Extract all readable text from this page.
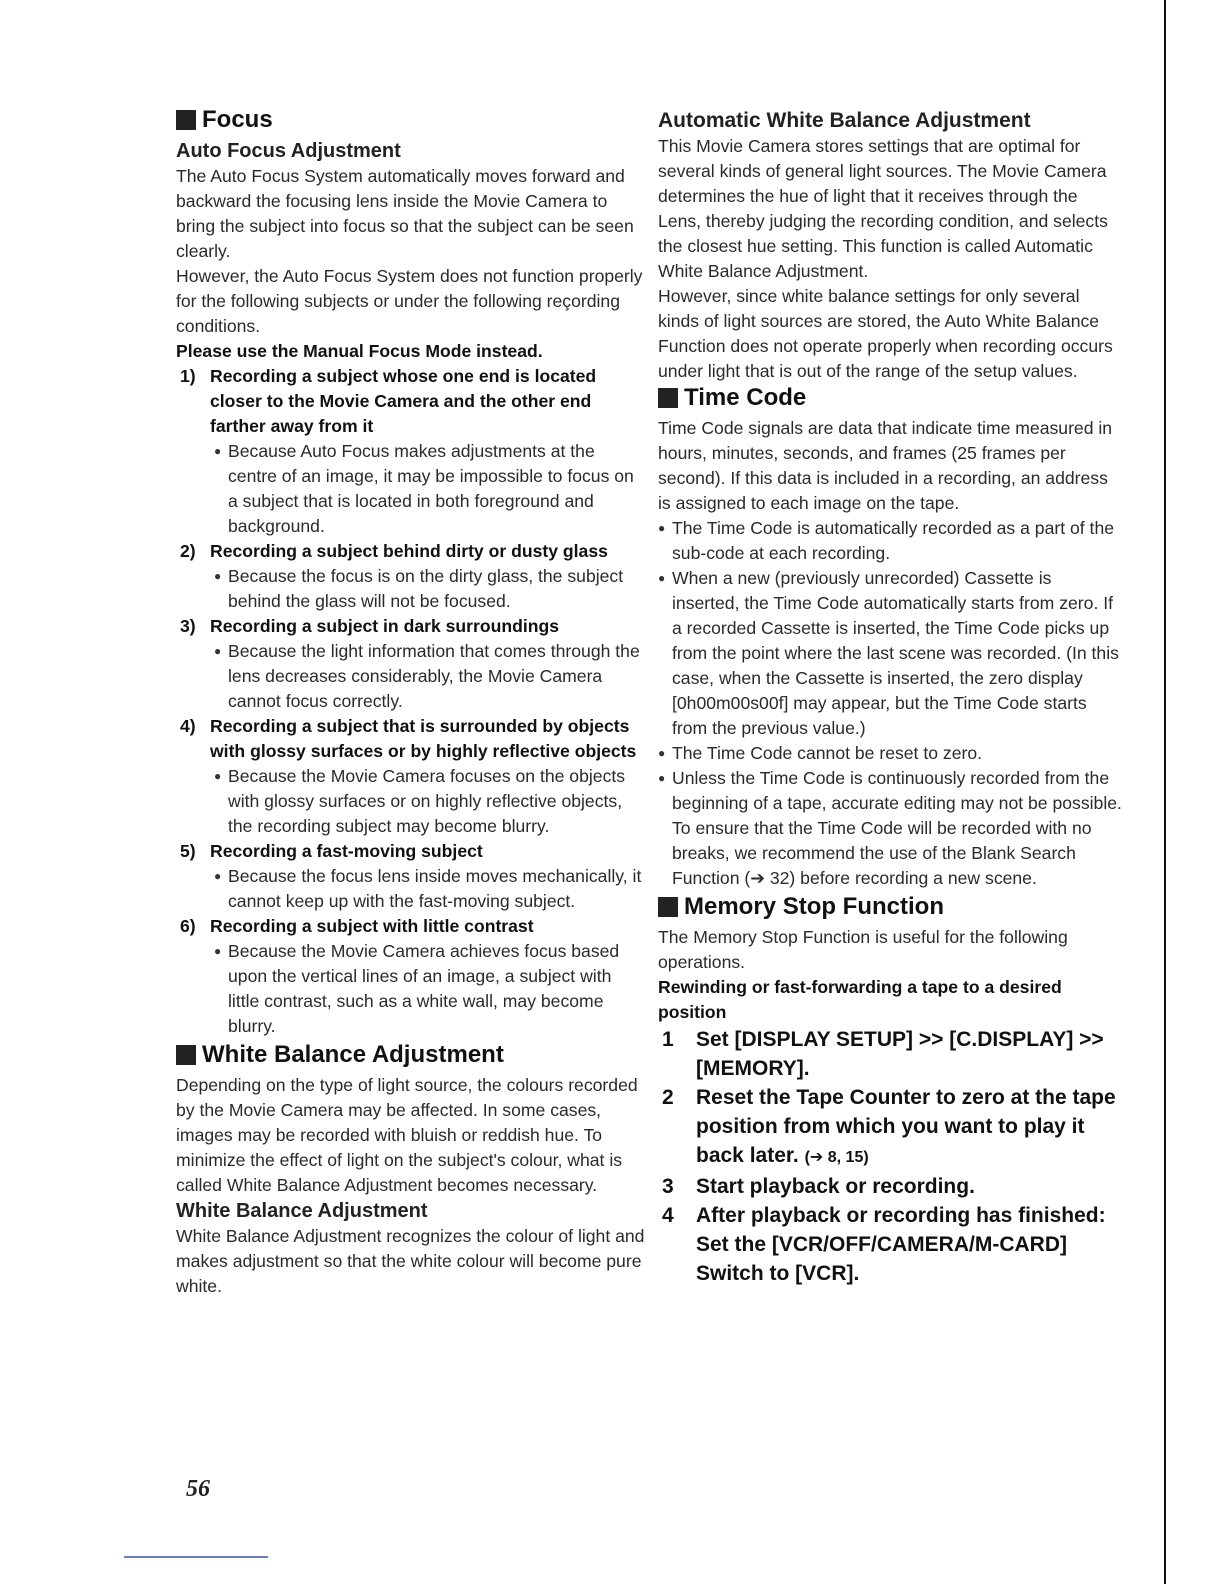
Focus
Auto Focus Adjustment

The Auto Focus System automatically moves forward and backward the focusing lens inside the Movie Camera to bring the subject into focus so that the subject can be seen clearly.

However, the Auto Focus System does not function properly for the following subjects or under the following reçording conditions.

Please use the Manual Focus Mode instead.

1) Recording a subject whose one end is located closer to the Movie Camera and the other end farther away from it
● Because Auto Focus makes adjustments at the centre of an image, it may be impossible to focus on a subject that is located in both foreground and background.
2) Recording a subject behind dirty or dusty glass
● Because the focus is on the dirty glass, the subject behind the glass will not be focused.
3) Recording a subject in dark surroundings
● Because the light information that comes through the lens decreases considerably, the Movie Camera cannot focus correctly.
4) Recording a subject that is surrounded by objects with glossy surfaces or by highly reflective objects
● Because the Movie Camera focuses on the objects with glossy surfaces or on highly reflective objects, the recording subject may become blurry.
5) Recording a fast-moving subject
● Because the focus lens inside moves mechanically, it cannot keep up with the fast-moving subject.
6) Recording a subject with little contrast
● Because the Movie Camera achieves focus based upon the vertical lines of an image, a subject with little contrast, such as a white wall, may become blurry.
White Balance Adjustment

Depending on the type of light source, the colours recorded by the Movie Camera may be affected. In some cases, images may be recorded with bluish or reddish hue. To minimize the effect of light on the subject's colour, what is called White Balance Adjustment becomes necessary.

White Balance Adjustment

White Balance Adjustment recognizes the colour of light and makes adjustment so that the white colour will become pure white.

Automatic White Balance Adjustment

This Movie Camera stores settings that are optimal for several kinds of general light sources. The Movie Camera determines the hue of light that it receives through the Lens, thereby judging the recording condition, and selects the closest hue setting. This function is called Automatic White Balance Adjustment.

However, since white balance settings for only several kinds of light sources are stored, the Auto White Balance Function does not operate properly when recording occurs under light that is out of the range of the setup values.

Time Code

Time Code signals are data that indicate time measured in hours, minutes, seconds, and frames (25 frames per second). If this data is included in a recording, an address is assigned to each image on the tape.

● The Time Code is automatically recorded as a part of the sub-code at each recording.
● When a new (previously unrecorded) Cassette is inserted, the Time Code automatically starts from zero. If a recorded Cassette is inserted, the Time Code picks up from the point where the last scene was recorded. (In this case, when the Cassette is inserted, the zero display [0h00m00s00f] may appear, but the Time Code starts from the previous value.)
● The Time Code cannot be reset to zero.
● Unless the Time Code is continuously recorded from the beginning of a tape, accurate editing may not be possible. To ensure that the Time Code will be recorded with no breaks, we recommend the use of the Blank Search Function (➔ 32) before recording a new scene.
Memory Stop Function

The Memory Stop Function is useful for the following operations.

Rewinding or fast-forwarding a tape to a desired position

1	Set [DISPLAY SETUP] >> [C.DISPLAY] >> [MEMORY].
2	Reset the Tape Counter to zero at the tape position from which you want to play it back later. (➔ 8, 15)
3	Start playback or recording.
4	After playback or recording has finished:
Set the [VCR/OFF/CAMERA/M-CARD] Switch to [VCR].
56
